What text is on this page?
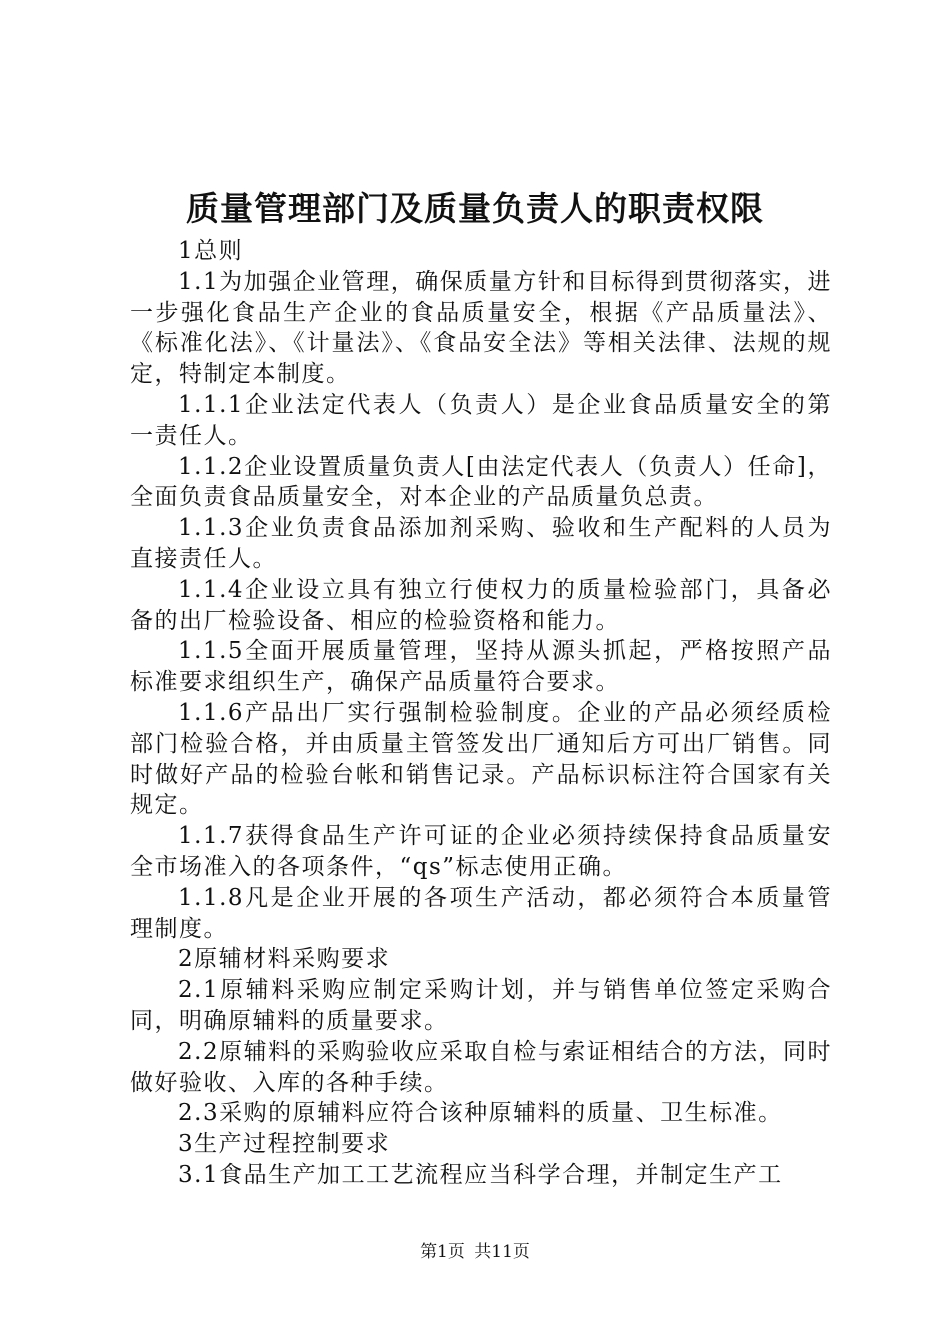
质量管理部门及质量负责人的职责权限

1总则

1.1为加强企业管理，确保质量方针和目标得到贯彻落实，进一步强化食品生产企业的食品质量安全，根据《产品质量法》、《标准化法》、《计量法》、《食品安全法》等相关法律、法规的规定，特制定本制度。

1.1.1企业法定代表人（负责人）是企业食品质量安全的第一责任人。

1.1.2企业设置质量负责人[由法定代表人（负责人）任命]，全面负责食品质量安全，对本企业的产品质量负总责。

1.1.3企业负责食品添加剂采购、验收和生产配料的人员为直接责任人。

1.1.4企业设立具有独立行使权力的质量检验部门，具备必备的出厂检验设备、相应的检验资格和能力。

1.1.5全面开展质量管理，坚持从源头抓起，严格按照产品标准要求组织生产，确保产品质量符合要求。

1.1.6产品出厂实行强制检验制度。企业的产品必须经质检部门检验合格，并由质量主管签发出厂通知后方可出厂销售。同时做好产品的检验台帐和销售记录。产品标识标注符合国家有关规定。

1.1.7获得食品生产许可证的企业必须持续保持食品质量安全市场准入的各项条件，“qs”标志使用正确。

1.1.8凡是企业开展的各项生产活动，都必须符合本质量管理制度。

2原辅材料采购要求

2.1原辅料采购应制定采购计划，并与销售单位签定采购合同，明确原辅料的质量要求。

2.2原辅料的采购验收应采取自检与索证相结合的方法，同时做好验收、入库的各种手续。

2.3采购的原辅料应符合该种原辅料的质量、卫生标准。

3生产过程控制要求

3.1食品生产加工工艺流程应当科学合理，并制定生产工

第1页 共11页
